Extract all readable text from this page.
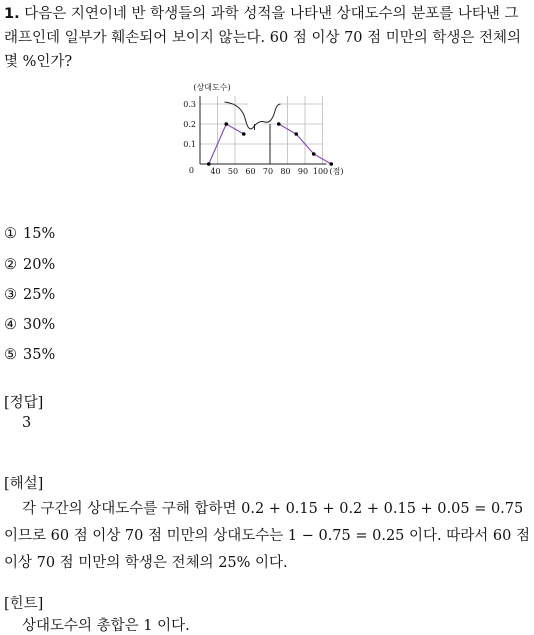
1. 다음은 지연이네 반 학생들의 과학 성적을 나타낸 상대도수의 분포를 나타낸 그래프인데 일부가 훼손되어 보이지 않는다. 60 점 이상 70 점 미만의 학생은 전체의 몇 %인가?
40 50 60 70 80 90 100 (점)
0.3
0.2
0.1
0
(상대도수)
① 15%
② 20%
③ 25%
④ 30%
⑤ 35%
[정답]
3
[해설]
각 구간의 상대도수를 구해 합하면 0.2 + 0.15 + 0.2 + 0.15 + 0.05 = 0.75
이므로 60 점 이상 70 점 미만의 상대도수는 1 − 0.75 = 0.25 이다. 따라서 60 점
이상 70 점 미만의 학생은 전체의 25% 이다.
[힌트]
상대도수의 총합은 1 이다.
